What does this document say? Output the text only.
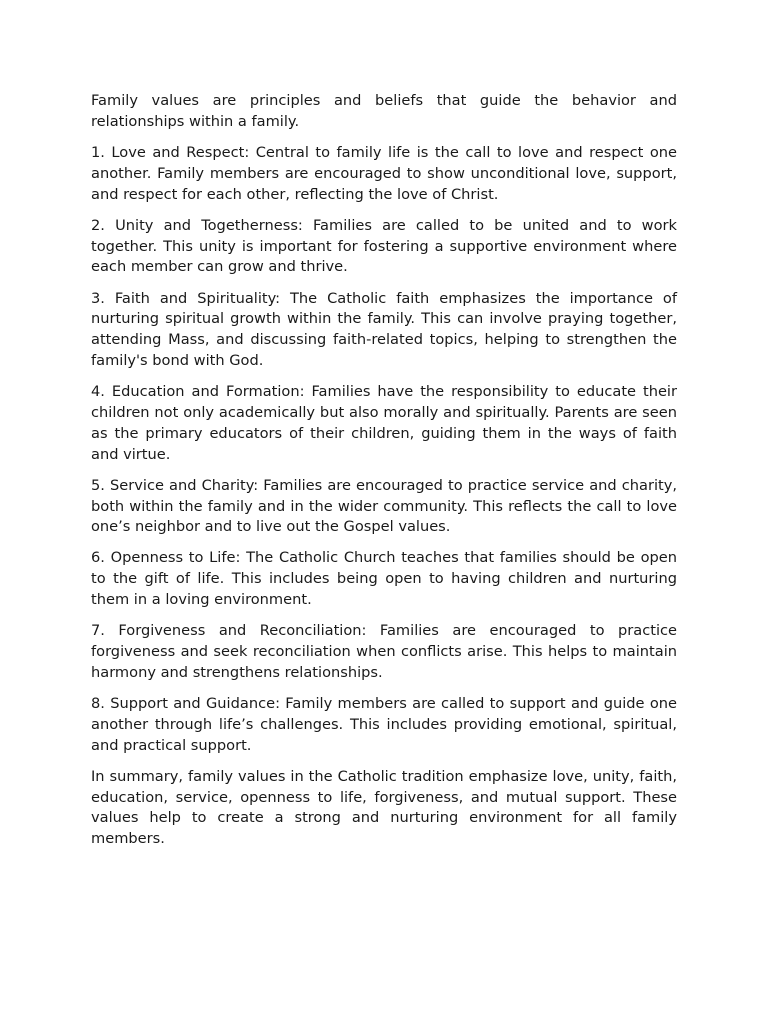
Family values are principles and beliefs that guide the behavior and relationships within a family.

1. Love and Respect: Central to family life is the call to love and respect one another. Family members are encouraged to show unconditional love, support, and respect for each other, reflecting the love of Christ.

2. Unity and Togetherness: Families are called to be united and to work together. This unity is important for fostering a supportive environment where each member can grow and thrive.

3. Faith and Spirituality: The Catholic faith emphasizes the importance of nurturing spiritual growth within the family. This can involve praying together, attending Mass, and discussing faith-related topics, helping to strengthen the family's bond with God.

4. Education and Formation: Families have the responsibility to educate their children not only academically but also morally and spiritually. Parents are seen as the primary educators of their children, guiding them in the ways of faith and virtue.

5. Service and Charity: Families are encouraged to practice service and charity, both within the family and in the wider community. This reflects the call to love one’s neighbor and to live out the Gospel values.

6. Openness to Life: The Catholic Church teaches that families should be open to the gift of life. This includes being open to having children and nurturing them in a loving environment.

7. Forgiveness and Reconciliation: Families are encouraged to practice forgiveness and seek reconciliation when conflicts arise. This helps to maintain harmony and strengthens relationships.

8. Support and Guidance: Family members are called to support and guide one another through life’s challenges. This includes providing emotional, spiritual, and practical support.

In summary, family values in the Catholic tradition emphasize love, unity, faith, education, service, openness to life, forgiveness, and mutual support. These values help to create a strong and nurturing environment for all family members.
